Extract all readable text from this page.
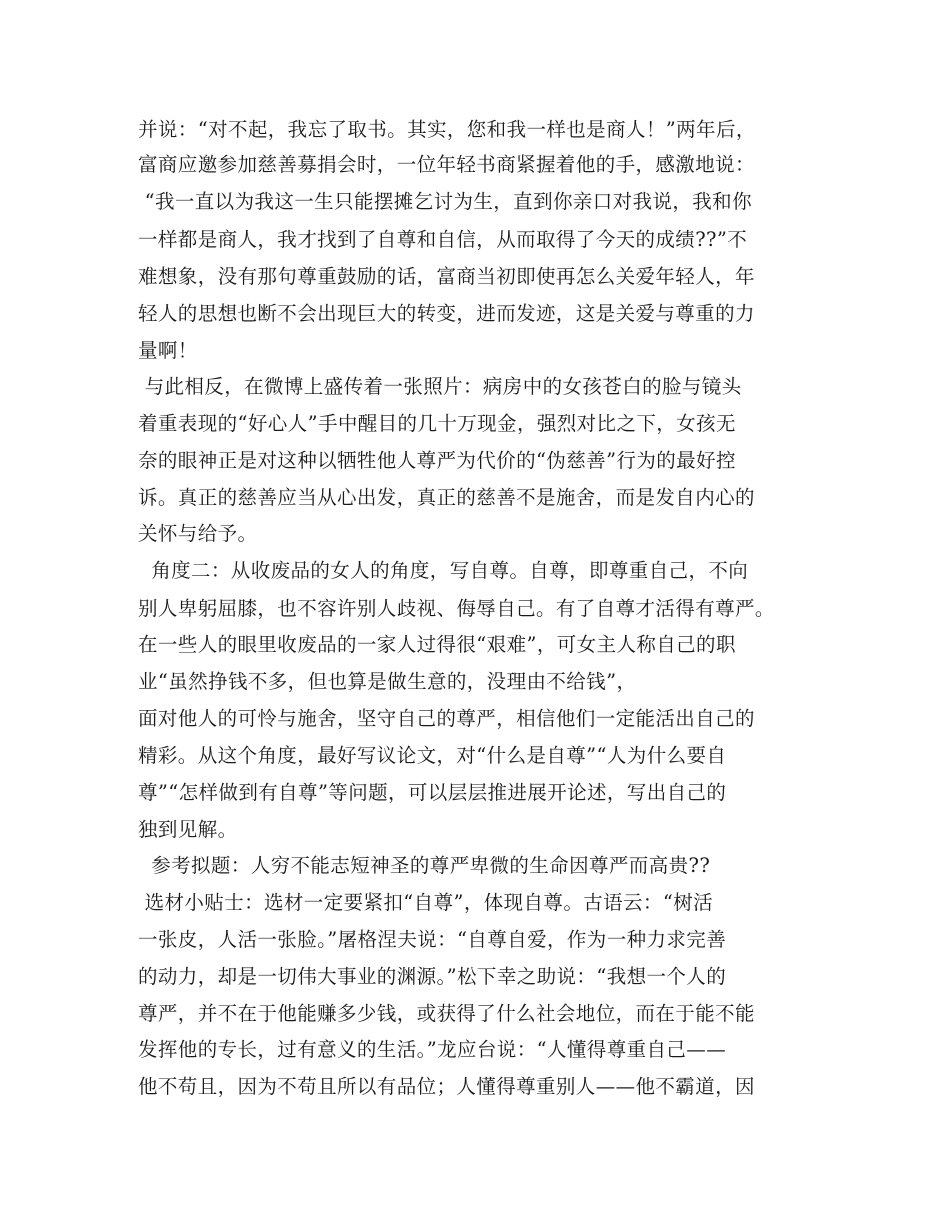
并说：“对不起，我忘了取书。其实，您和我一样也是商人！”两年后，
富商应邀参加慈善募捐会时，一位年轻书商紧握着他的手，感激地说：
“我一直以为我这一生只能摆摊乞讨为生，直到你亲口对我说，我和你
一样都是商人，我才找到了自尊和自信，从而取得了今天的成绩??”不
难想象，没有那句尊重鼓励的话，富商当初即使再怎么关爱年轻人，年
轻人的思想也断不会出现巨大的转变，进而发迹，这是关爱与尊重的力
量啊！
与此相反，在微博上盛传着一张照片：病房中的女孩苍白的脸与镜头
着重表现的“好心人”手中醒目的几十万现金，强烈对比之下，女孩无
奈的眼神正是对这种以牺牲他人尊严为代价的“伪慈善”行为的最好控
诉。真正的慈善应当从心出发，真正的慈善不是施舍，而是发自内心的
关怀与给予。
角度二：从收废品的女人的角度，写自尊。自尊，即尊重自己，不向
别人卑躬屈膝，也不容许别人歧视、侮辱自己。有了自尊才活得有尊严。
在一些人的眼里收废品的一家人过得很“艰难”，可女主人称自己的职
业“虽然挣钱不多，但也算是做生意的，没理由不给钱”，
面对他人的可怜与施舍，坚守自己的尊严，相信他们一定能活出自己的
精彩。从这个角度，最好写议论文，对“什么是自尊”“人为什么要自
尊”“怎样做到有自尊”等问题，可以层层推进展开论述，写出自己的
独到见解。
参考拟题：人穷不能志短神圣的尊严卑微的生命因尊严而高贵??
选材小贴士：选材一定要紧扣“自尊”，体现自尊。古语云：“树活
一张皮，人活一张脸。”屠格涅夫说：“自尊自爱，作为一种力求完善
的动力，却是一切伟大事业的渊源。”松下幸之助说：“我想一个人的
尊严，并不在于他能赚多少钱，或获得了什么社会地位，而在于能不能
发挥他的专长，过有意义的生活。”龙应台说：“人懂得尊重自己——
他不苟且，因为不苟且所以有品位；人懂得尊重别人——他不霸道，因
